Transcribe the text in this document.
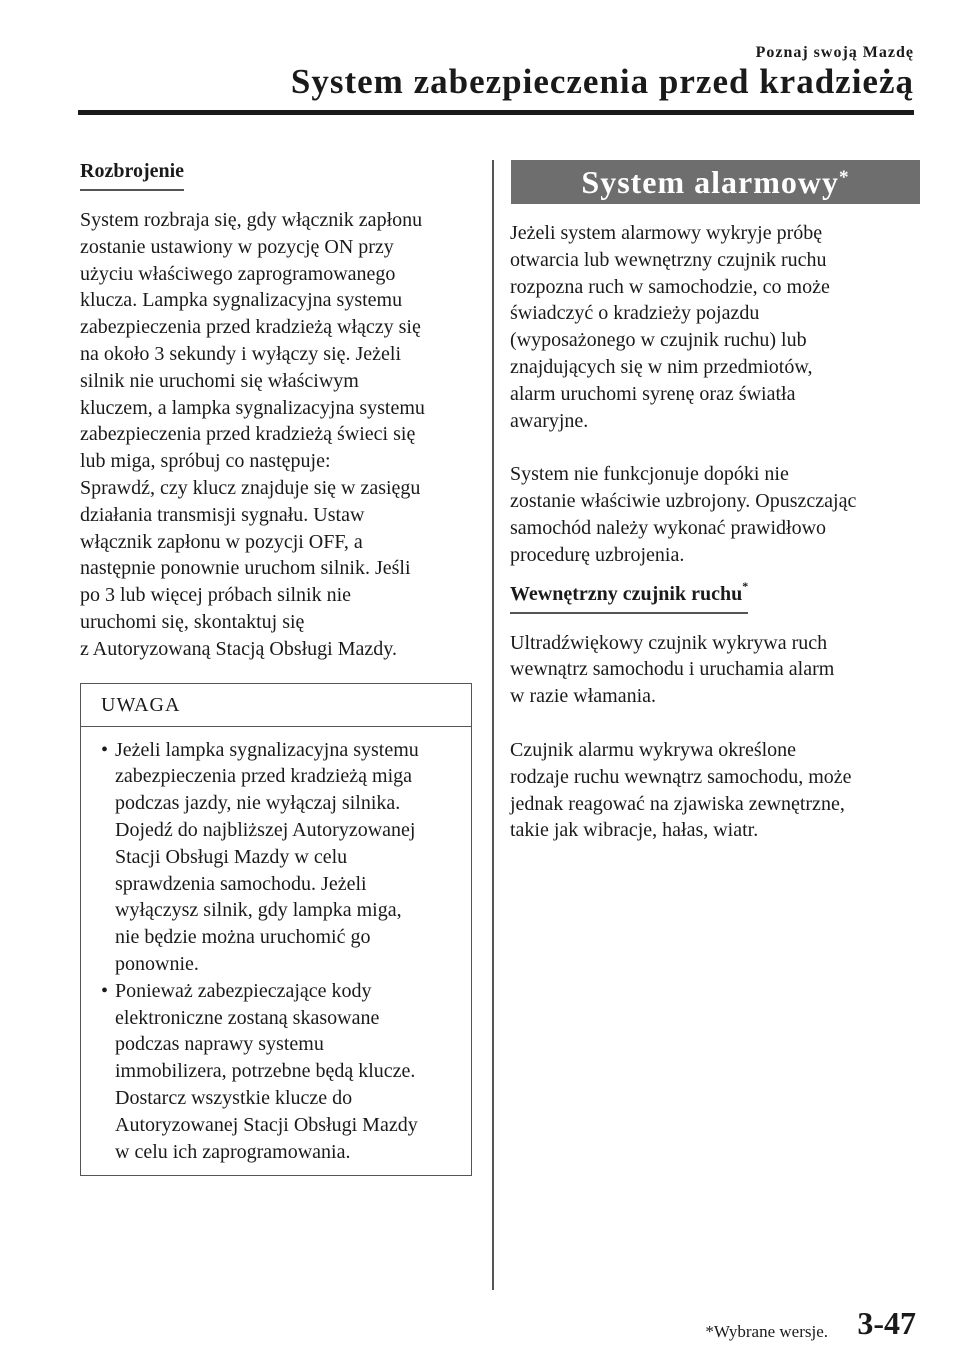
Poznaj swoją Mazdę
System zabezpieczenia przed kradzieżą
Rozbrojenie

System rozbraja się, gdy włącznik zapłonu
zostanie ustawiony w pozycję ON przy
użyciu właściwego zaprogramowanego
klucza. Lampka sygnalizacyjna systemu
zabezpieczenia przed kradzieżą włączy się
na około 3 sekundy i wyłączy się. Jeżeli
silnik nie uruchomi się właściwym
kluczem, a lampka sygnalizacyjna systemu
zabezpieczenia przed kradzieżą świeci się
lub miga, spróbuj co następuje:
Sprawdź, czy klucz znajduje się w zasięgu
działania transmisji sygnału. Ustaw
włącznik zapłonu w pozycji OFF, a
następnie ponownie uruchom silnik. Jeśli
po 3 lub więcej próbach silnik nie
uruchomi się, skontaktuj się
z Autoryzowaną Stacją Obsługi Mazdy.

UWAGA
• Jeżeli lampka sygnalizacyjna systemu
zabezpieczenia przed kradzieżą miga
podczas jazdy, nie wyłączaj silnika.
Dojedź do najbliższej Autoryzowanej
Stacji Obsługi Mazdy w celu
sprawdzenia samochodu. Jeżeli
wyłączysz silnik, gdy lampka miga,
nie będzie można uruchomić go
ponownie.
• Ponieważ zabezpieczające kody
elektroniczne zostaną skasowane
podczas naprawy systemu
immobilizera, potrzebne będą klucze.
Dostarcz wszystkie klucze do
Autoryzowanej Stacji Obsługi Mazdy
w celu ich zaprogramowania.
System alarmowy*

Jeżeli system alarmowy wykryje próbę
otwarcia lub wewnętrzny czujnik ruchu
rozpozna ruch w samochodzie, co może
świadczyć o kradzieży pojazdu
(wyposażonego w czujnik ruchu) lub
znajdujących się w nim przedmiotów,
alarm uruchomi syrenę oraz światła
awaryjne.

System nie funkcjonuje dopóki nie
zostanie właściwie uzbrojony. Opuszczając
samochód należy wykonać prawidłowo
procedurę uzbrojenia.

Wewnętrzny czujnik ruchu*

Ultradźwiękowy czujnik wykrywa ruch
wewnątrz samochodu i uruchamia alarm
w razie włamania.

Czujnik alarmu wykrywa określone
rodzaje ruchu wewnątrz samochodu, może
jednak reagować na zjawiska zewnętrzne,
takie jak wibracje, hałas, wiatr.

*Wybrane wersje. 3-47
